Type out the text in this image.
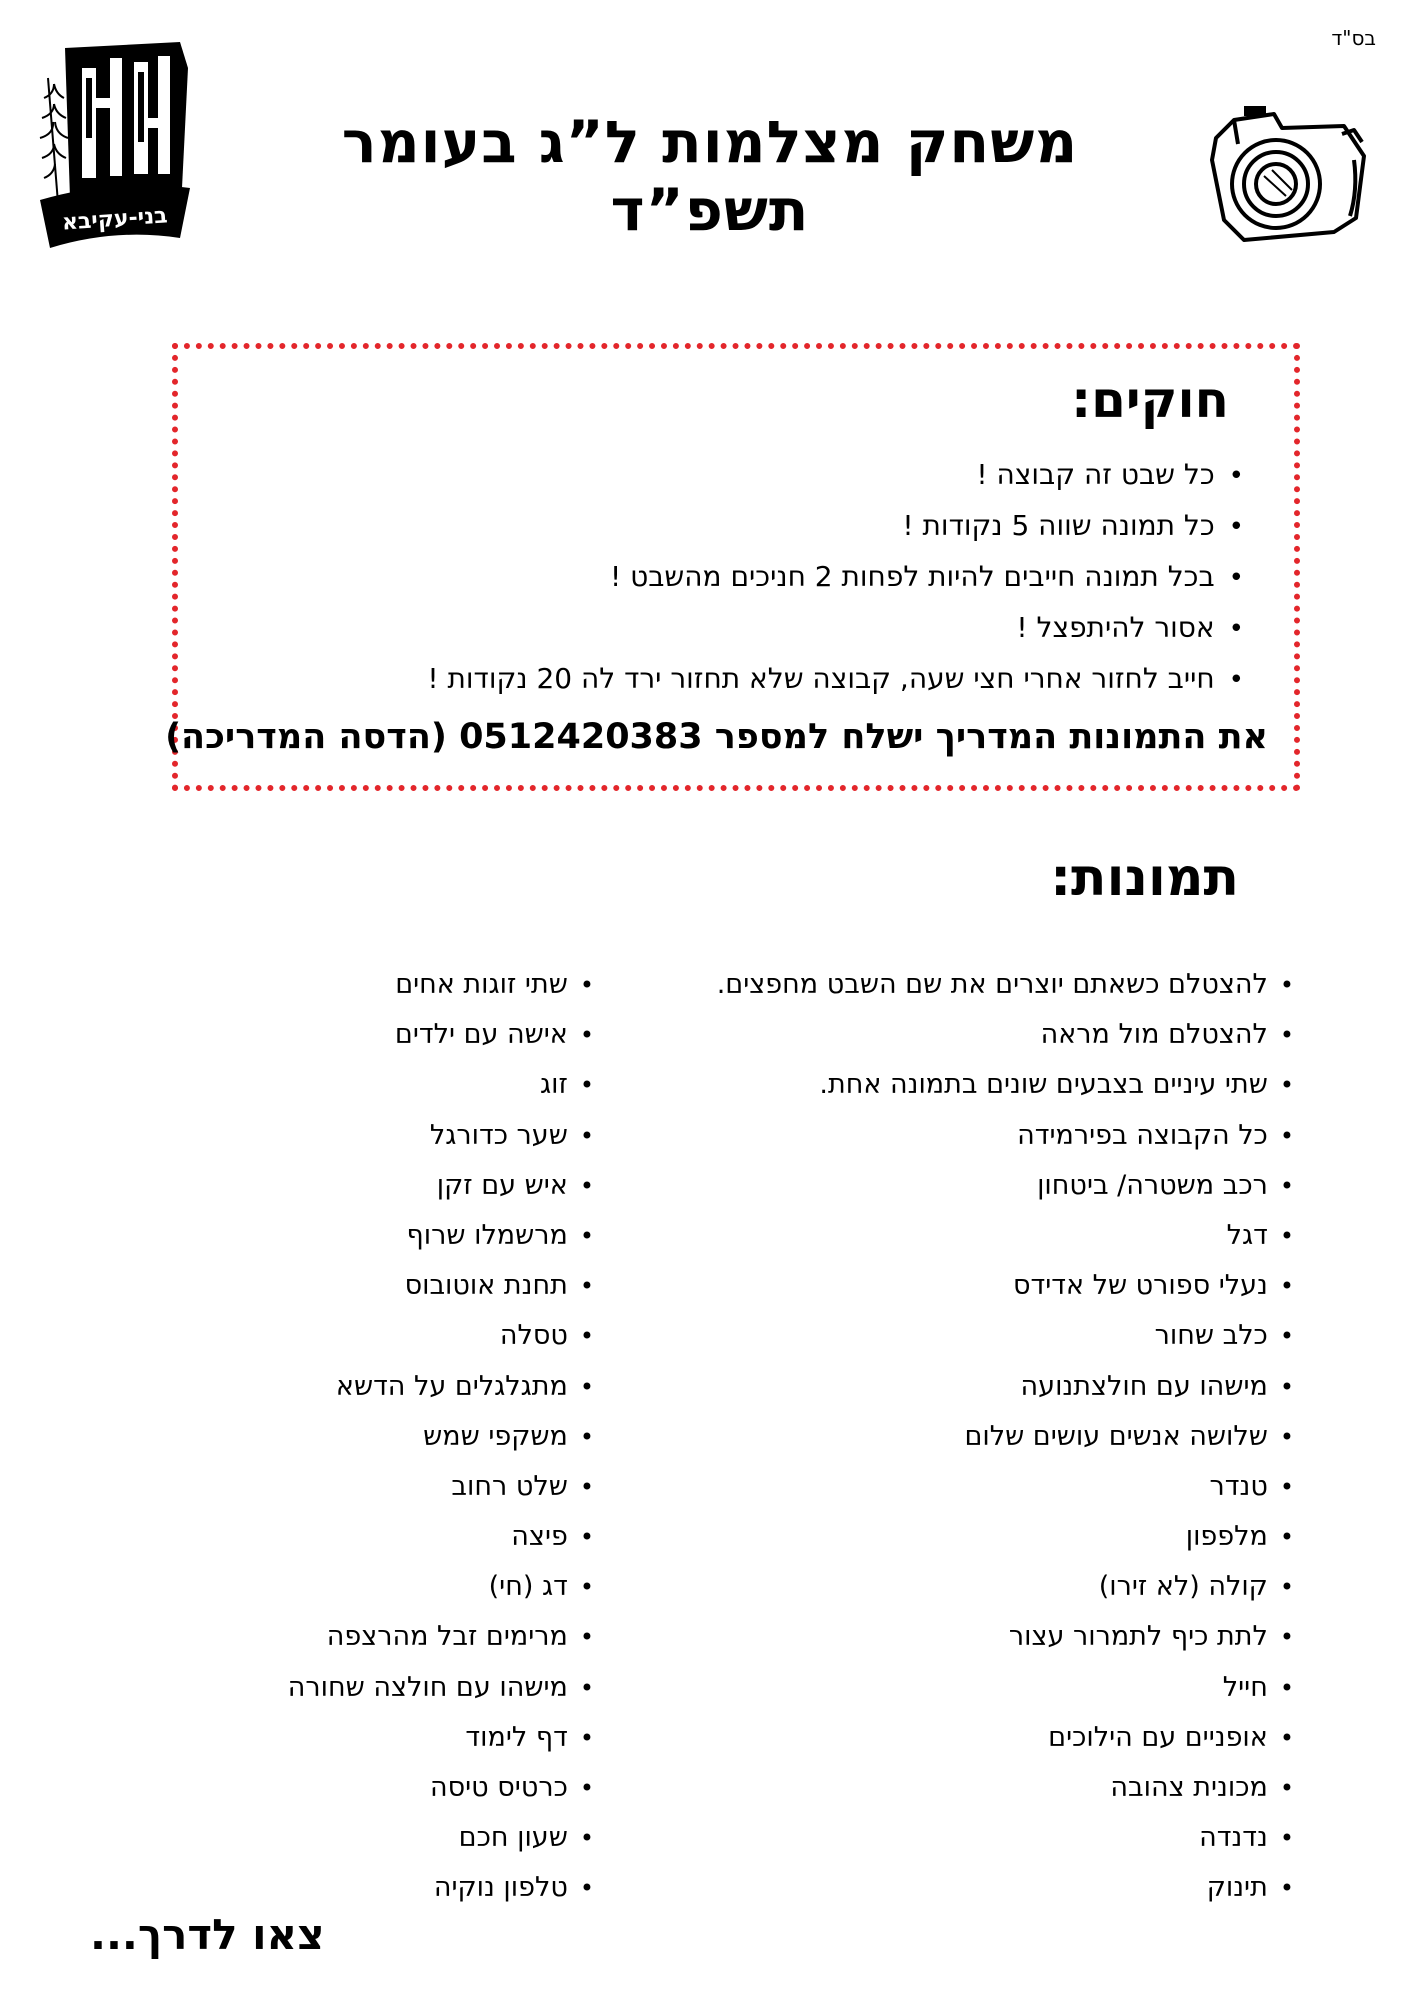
בס"ד
בני-עקיבא
משחק מצלמות ל”ג בעומר תשפ”ד
חוקים:
• כל שבט זה קבוצה !
• כל תמונה שווה 5 נקודות !
• בכל תמונה חייבים להיות לפחות 2 חניכים מהשבט !
• אסור להיתפצל !
• חייב לחזור אחרי חצי שעה, קבוצה שלא תחזור ירד לה 20 נקודות !
את התמונות המדריך ישלח למספר 0512420383 (הדסה המדריכה)
תמונות:
• להצטלם כשאתם יוצרים את שם השבט מחפצים.
• להצטלם מול מראה
• שתי עיניים בצבעים שונים בתמונה אחת.
• כל הקבוצה בפירמידה
• רכב משטרה/ ביטחון
• דגל
• נעלי ספורט של אדידס
• כלב שחור
• מישהו עם חולצתנועה
• שלושה אנשים עושים שלום
• טנדר
• מלפפון
• קולה (לא זירו)
• לתת כיף לתמרור עצור
• חייל
• אופניים עם הילוכים
• מכונית צהובה
• נדנדה
• תינוק
• שתי זוגות אחים
• אישה עם ילדים
• זוג
• שער כדורגל
• איש עם זקן
• מרשמלו שרוף
• תחנת אוטובוס
• טסלה
• מתגלגלים על הדשא
• משקפי שמש
• שלט רחוב
• פיצה
• דג (חי)
• מרימים זבל מהרצפה
• מישהו עם חולצה שחורה
• דף לימוד
• כרטיס טיסה
• שעון חכם
• טלפון נוקיה
צאו לדרך...
